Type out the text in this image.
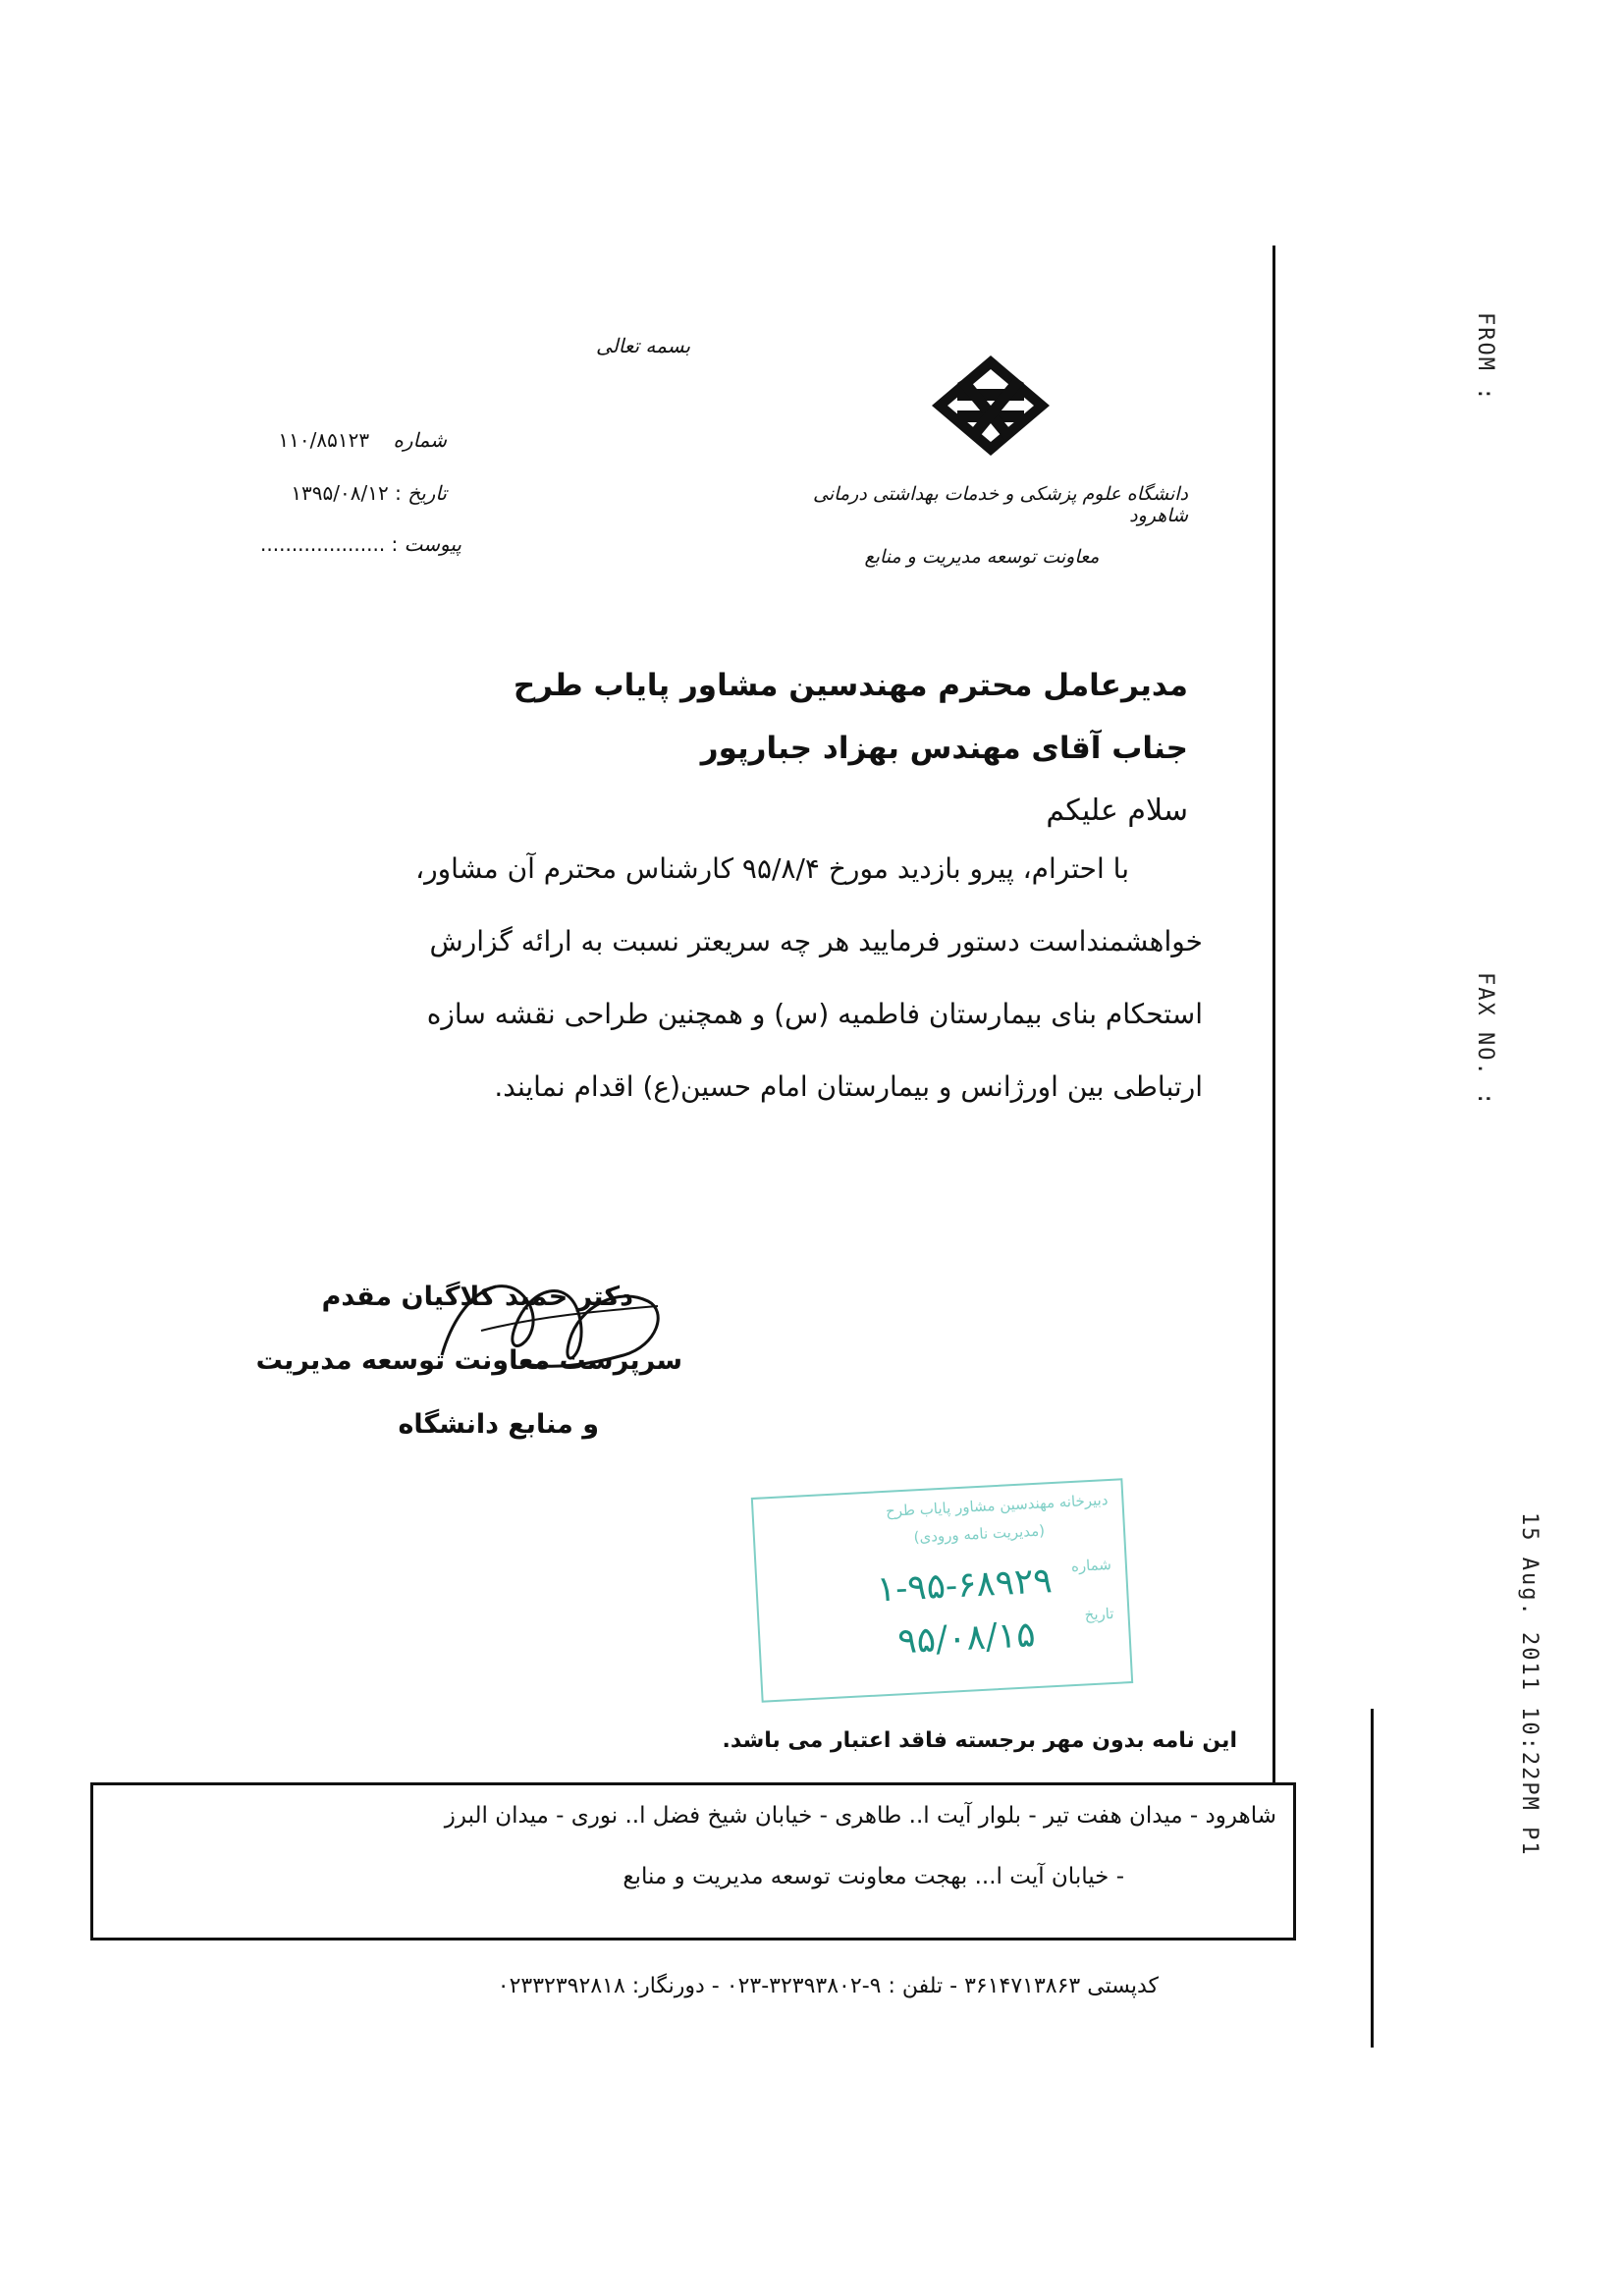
FROM :
FAX NO. :
15 Aug. 2011 10:22PM P1
بسمه تعالی
دانشگاه علوم پزشکی و خدمات بهداشتی درمانی شاهرود
معاونت توسعه مدیریت و منابع
شماره ۱۱۰/۸۵۱۲۳
تاریخ : ۱۳۹۵/۰۸/۱۲
پیوست : ....................
مدیرعامل محترم مهندسین مشاور پایاب طرح
جناب آقای مهندس بهزاد جبارپور
سلام علیکم
با احترام، پیرو بازدید مورخ ۹۵/۸/۴ کارشناس محترم آن مشاور،
خواهشمنداست دستور فرمایید هر چه سریعتر نسبت به ارائه گزارش
استحکام بنای بیمارستان فاطمیه (س) و همچنین طراحی نقشه سازه
ارتباطی بین اورژانس و بیمارستان امام حسین(ع) اقدام نمایند.
دکتر حمید کلاگیان مقدم
سرپرست معاونت توسعه مدیریت
و منابع دانشگاه
دبیرخانه مهندسین مشاور پایاب طرح
(مدیریت نامه ورودی)
شماره
تاریخ
۱-۹۵-۶۸۹۲۹
۹۵/۰۸/۱۵
این نامه بدون مهر برجسته فاقد اعتبار می باشد.
شاهرود - میدان هفت تیر - بلوار آیت ا.. طاهری - خیابان شیخ فضل ا.. نوری - میدان البرز
- خیابان آیت ا... بهجت معاونت توسعه مدیریت و منابع
کدپستی ۳۶۱۴۷۱۳۸۶۳ - تلفن : ۹-۳۲۳۹۳۸۰۲-۰۲۳ - دورنگار: ۰۲۳۳۲۳۹۲۸۱۸
